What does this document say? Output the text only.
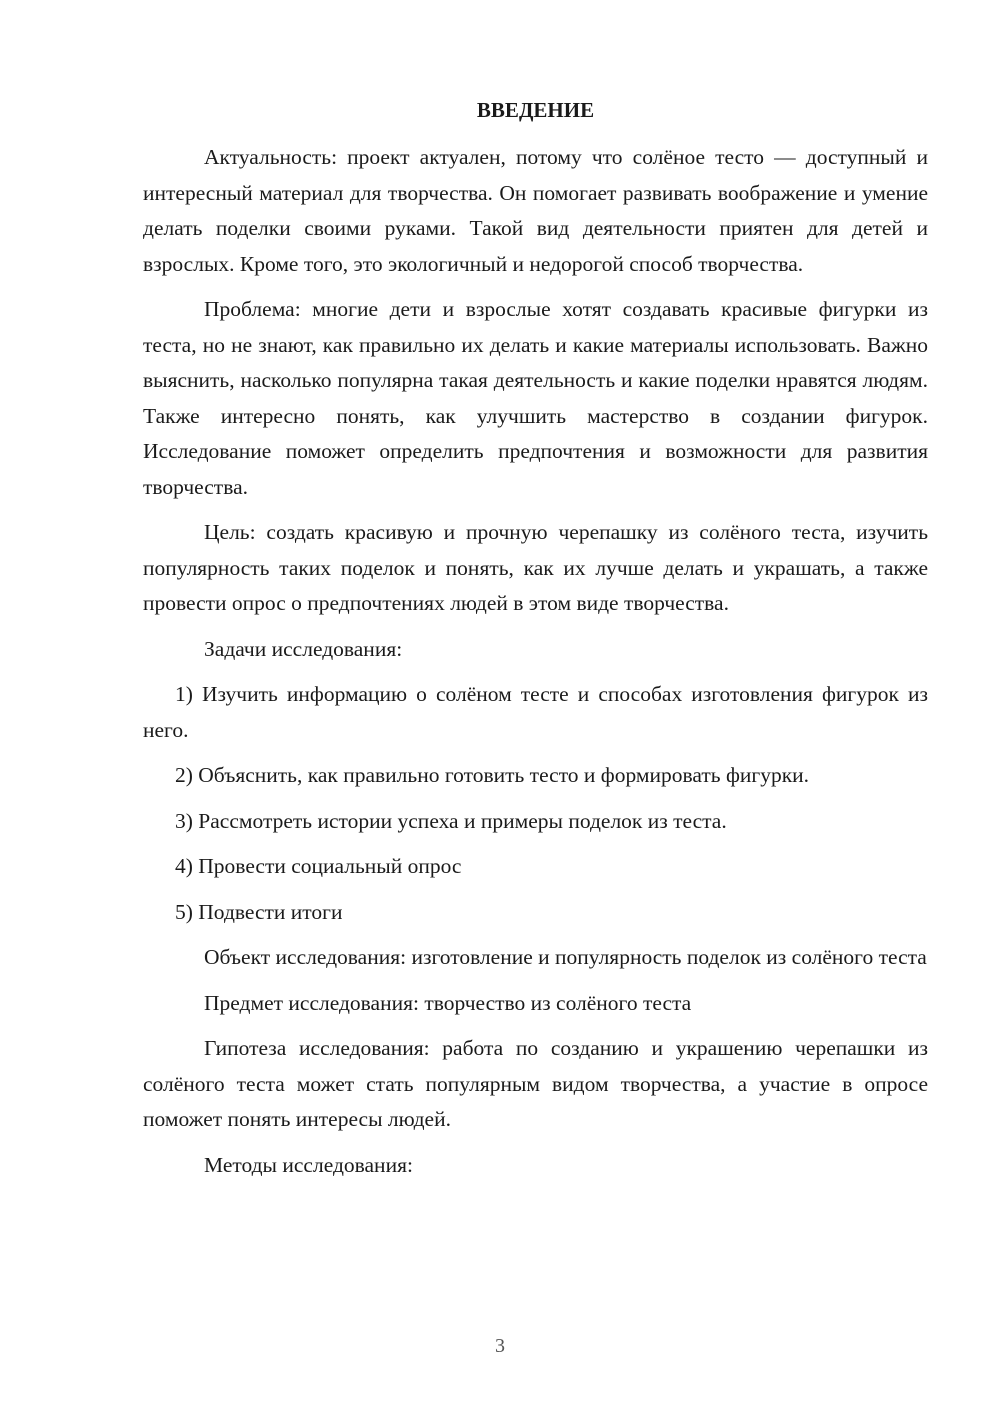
ВВЕДЕНИЕ

Актуальность: проект актуален, потому что солёное тесто — доступный и интересный материал для творчества. Он помогает развивать воображение и умение делать поделки своими руками. Такой вид деятельности приятен для детей и взрослых. Кроме того, это экологичный и недорогой способ творчества.

Проблема: многие дети и взрослые хотят создавать красивые фигурки из теста, но не знают, как правильно их делать и какие материалы использовать. Важно выяснить, насколько популярна такая деятельность и какие поделки нравятся людям. Также интересно понять, как улучшить мастерство в создании фигурок. Исследование поможет определить предпочтения и возможности для развития творчества.

Цель: создать красивую и прочную черепашку из солёного теста, изучить популярность таких поделок и понять, как их лучше делать и украшать, а также провести опрос о предпочтениях людей в этом виде творчества.

Задачи исследования:

1) Изучить информацию о солёном тесте и способах изготовления фигурок из него.

2) Объяснить, как правильно готовить тесто и формировать фигурки.

3) Рассмотреть истории успеха и примеры поделок из теста.

4) Провести социальный опрос

5) Подвести итоги

Объект исследования: изготовление и популярность поделок из солёного теста

Предмет исследования: творчество из солёного теста

Гипотеза исследования: работа по созданию и украшению черепашки из солёного теста может стать популярным видом творчества, а участие в опросе поможет понять интересы людей.

Методы исследования:

3
